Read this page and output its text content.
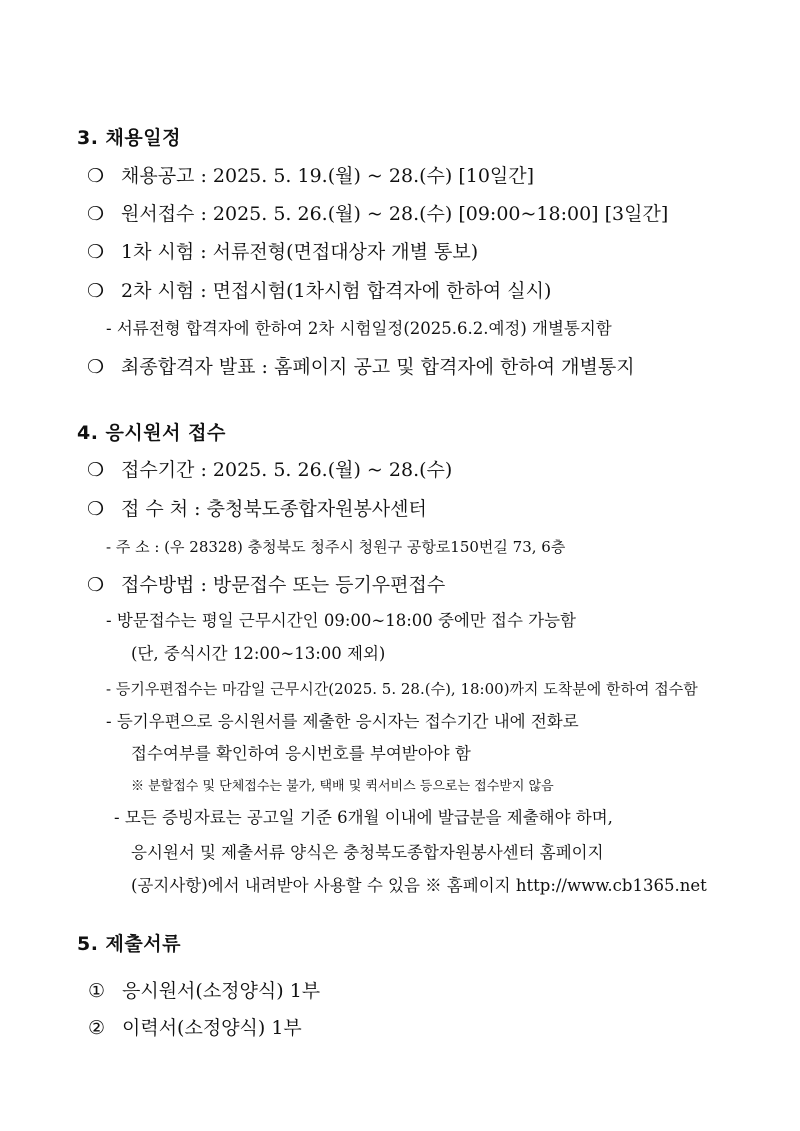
3. 채용일정
❍ 채용공고 : 2025. 5. 19.(월) ~ 28.(수) [10일간]
❍ 원서접수 : 2025. 5. 26.(월) ~ 28.(수) [09:00~18:00] [3일간]
❍ 1차 시험 : 서류전형(면접대상자 개별 통보)
❍ 2차 시험 : 면접시험(1차시험 합격자에 한하여 실시)
- 서류전형 합격자에 한하여 2차 시험일정(2025.6.2.예정) 개별통지함
❍ 최종합격자 발표 : 홈페이지 공고 및 합격자에 한하여 개별통지
4. 응시원서 접수
❍ 접수기간 : 2025. 5. 26.(월) ~ 28.(수)
❍ 접 수 처 : 충청북도종합자원봉사센터
- 주 소 : (우 28328) 충청북도 청주시 청원구 공항로150번길 73, 6층
❍ 접수방법 : 방문접수 또는 등기우편접수
- 방문접수는 평일 근무시간인 09:00∼18:00 중에만 접수 가능함
(단, 중식시간 12:00∼13:00 제외)
- 등기우편접수는 마감일 근무시간(2025. 5. 28.(수), 18:00)까지 도착분에 한하여 접수함
- 등기우편으로 응시원서를 제출한 응시자는 접수기간 내에 전화로
접수여부를 확인하여 응시번호를 부여받아야 함
※ 분할접수 및 단체접수는 불가, 택배 및 퀵서비스 등으로는 접수받지 않음
- 모든 증빙자료는 공고일 기준 6개월 이내에 발급분을 제출해야 하며,
응시원서 및 제출서류 양식은 충청북도종합자원봉사센터 홈페이지
(공지사항)에서 내려받아 사용할 수 있음 ※ 홈페이지 http://www.cb1365.net
5. 제출서류
① 응시원서(소정양식) 1부
② 이력서(소정양식) 1부
